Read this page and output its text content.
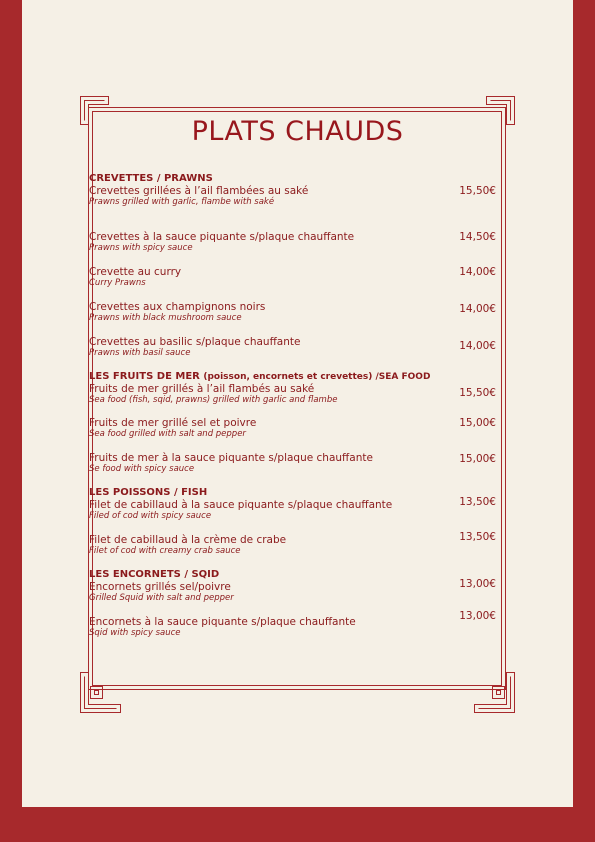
PLATS CHAUDS
CREVETTES / PRAWNS
Crevettes grillées à l’ail flambées au saké
Prawns grilled with garlic, flambe with saké
15,50€
Crevettes à la sauce piquante s/plaque chauffante
Prawns with spicy sauce
14,50€
Crevette au curry
Curry Prawns
14,00€
Crevettes aux champignons noirs
Prawns with black mushroom sauce
14,00€
Crevettes au basilic s/plaque chauffante
Prawns with basil sauce
14,00€
LES FRUITS DE MER (poisson, encornets et crevettes) /SEA FOOD
Fruits de mer grillés à l’ail flambés au saké
Sea food (fish, sqid, prawns) grilled with garlic and flambe
15,50€
Fruits de mer grillé sel et poivre
Sea food grilled with salt and pepper
15,00€
Fruits de mer à la sauce piquante s/plaque chauffante
Se food with spicy sauce
15,00€
LES POISSONS / FISH
Filet de cabillaud à la sauce piquante s/plaque chauffante
Filed of cod with spicy sauce
13,50€
Filet de cabillaud à la crème de crabe
Filet of cod with creamy crab sauce
13,50€
LES ENCORNETS / SQID
Encornets grillés sel/poivre
Grilled Squid with salt and pepper
13,00€
Encornets à la sauce piquante s/plaque chauffante
Sqid with spicy sauce
13,00€
